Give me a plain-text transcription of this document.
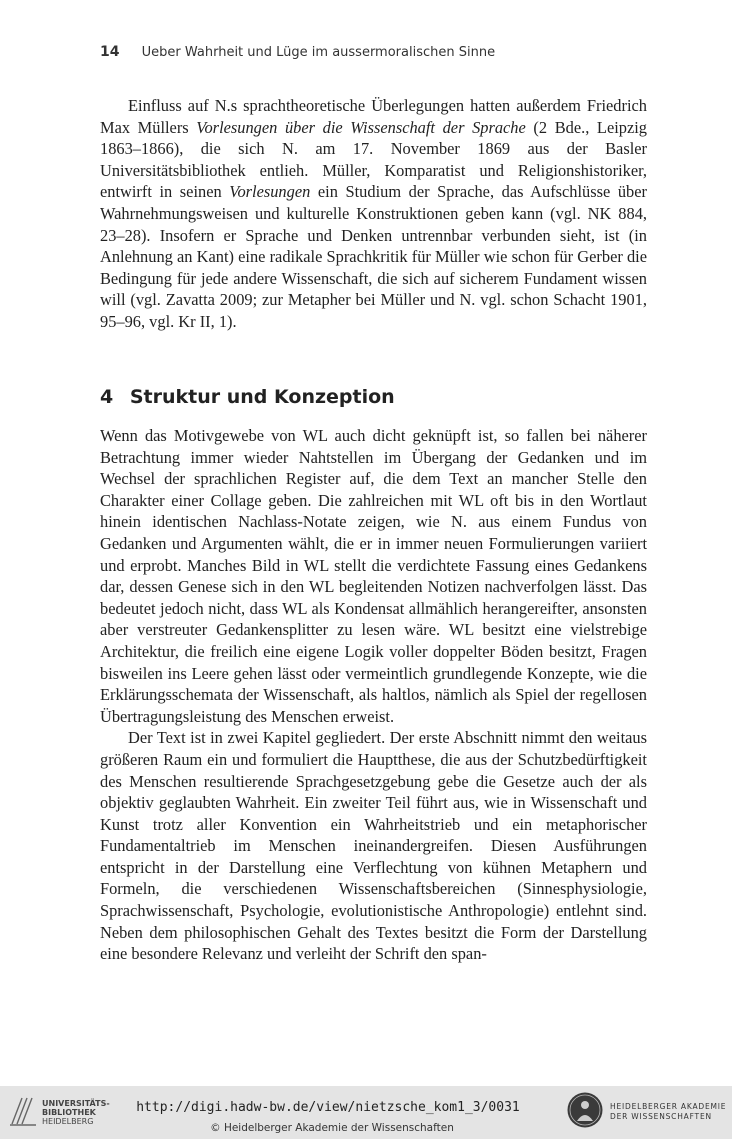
14 Ueber Wahrheit und Lüge im aussermoralischen Sinne

Einfluss auf N.s sprachtheoretische Überlegungen hatten außerdem Friedrich Max Müllers Vorlesungen über die Wissenschaft der Sprache (2 Bde., Leipzig 1863–1866), die sich N. am 17. November 1869 aus der Basler Universitätsbibliothek entlieh. Müller, Komparatist und Religionshistoriker, entwirft in seinen Vorlesungen ein Studium der Sprache, das Aufschlüsse über Wahrnehmungsweisen und kulturelle Konstruktionen geben kann (vgl. NK 884, 23–28). Insofern er Sprache und Denken untrennbar verbunden sieht, ist (in Anlehnung an Kant) eine radikale Sprachkritik für Müller wie schon für Gerber die Bedingung für jede andere Wissenschaft, die sich auf sicherem Fundament wissen will (vgl. Zavatta 2009; zur Metapher bei Müller und N. vgl. schon Schacht 1901, 95–96, vgl. Kr II, 1).

4 Struktur und Konzeption

Wenn das Motivgewebe von WL auch dicht geknüpft ist, so fallen bei näherer Betrachtung immer wieder Nahtstellen im Übergang der Gedanken und im Wechsel der sprachlichen Register auf, die dem Text an mancher Stelle den Charakter einer Collage geben. Die zahlreichen mit WL oft bis in den Wortlaut hinein identischen Nachlass-Notate zeigen, wie N. aus einem Fundus von Gedanken und Argumenten wählt, die er in immer neuen Formulierungen variiert und erprobt. Manches Bild in WL stellt die verdichtete Fassung eines Gedankens dar, dessen Genese sich in den WL begleitenden Notizen nachverfolgen lässt. Das bedeutet jedoch nicht, dass WL als Kondensat allmählich herangereifter, ansonsten aber verstreuter Gedankensplitter zu lesen wäre. WL besitzt eine vielstrebige Architektur, die freilich eine eigene Logik voller doppelter Böden besitzt, Fragen bisweilen ins Leere gehen lässt oder vermeintlich grundlegende Konzepte, wie die Erklärungsschemata der Wissenschaft, als haltlos, nämlich als Spiel der regellosen Übertragungsleistung des Menschen erweist.

Der Text ist in zwei Kapitel gegliedert. Der erste Abschnitt nimmt den weitaus größeren Raum ein und formuliert die Hauptthese, die aus der Schutzbedürftigkeit des Menschen resultierende Sprachgesetzgebung gebe die Gesetze auch der als objektiv geglaubten Wahrheit. Ein zweiter Teil führt aus, wie in Wissenschaft und Kunst trotz aller Konvention ein Wahrheitstrieb und ein metaphorischer Fundamentaltrieb im Menschen ineinandergreifen. Diesen Ausführungen entspricht in der Darstellung eine Verflechtung von kühnen Metaphern und Formeln, die verschiedenen Wissenschaftsbereichen (Sinnesphysiologie, Sprachwissenschaft, Psychologie, evolutionistische Anthropologie) entlehnt sind. Neben dem philosophischen Gehalt des Textes besitzt die Form der Darstellung eine besondere Relevanz und verleiht der Schrift den span-

UNIVERSITÄTS-
BIBLIOTHEK
HEIDELBERG
http://digi.hadw-bw.de/view/nietzsche_kom1_3/0031
© Heidelberger Akademie der Wissenschaften
HEIDELBERGER AKADEMIE
DER WISSENSCHAFTEN
